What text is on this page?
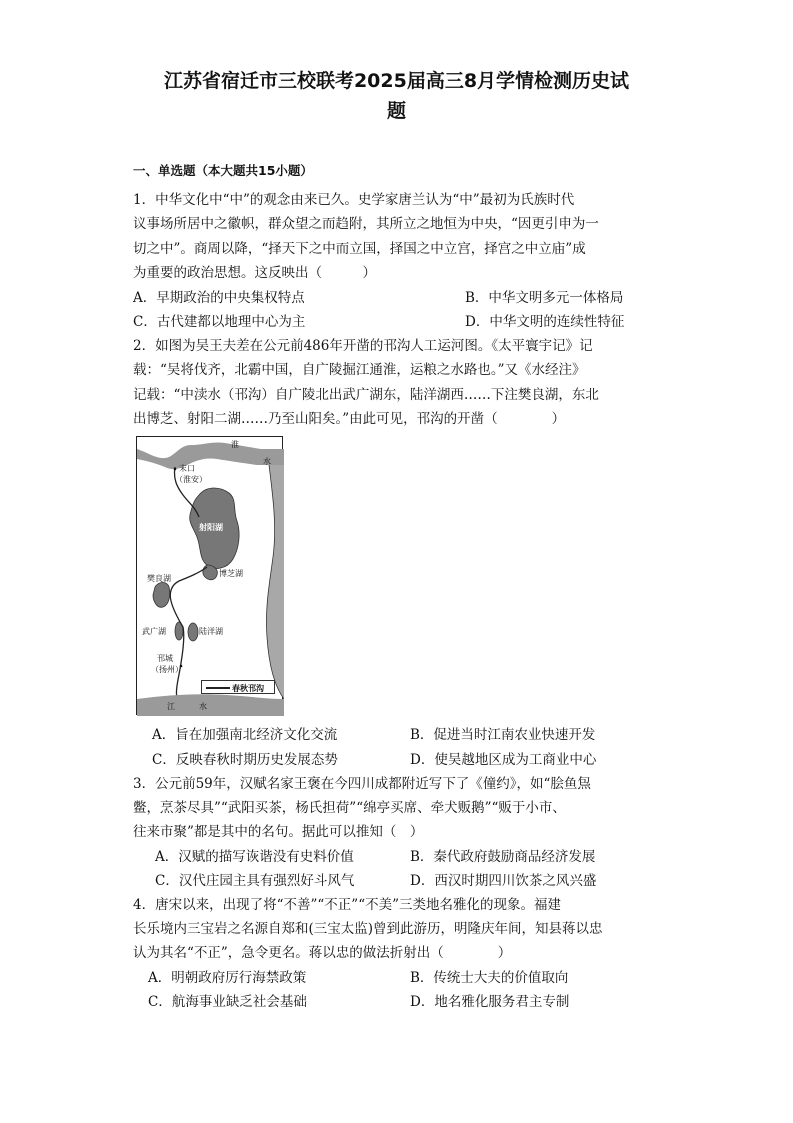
江苏省宿迁市三校联考2025届高三8月学情检测历史试
题
一、单选题（本大题共15小题）
1．中华文化中“中”的观念由来已久。史学家唐兰认为“中”最初为氏族时代
议事场所居中之徽帜，群众望之而趋附，其所立之地恒为中央，“因更引申为一
切之中”。商周以降，“择天下之中而立国，择国之中立宫，择宫之中立庙”成
为重要的政治思想。这反映出（　　　）
A．早期政治的中央集权特点	B．中华文明多元一体格局
C．古代建都以地理中心为主	D．中华文明的连续性特征
2．如图为吴王夫差在公元前486年开凿的邗沟人工运河图。《太平寰宇记》记
载：“吴将伐齐，北霸中国，自广陵掘江通淮，运粮之水路也。”又《水经注》
记载：“中渎水（邗沟）自广陵北出武广湖东，陆洋湖西……下注樊良湖，东北
出博芝、射阳二湖……乃至山阳矣。”由此可见，邗沟的开凿（　　　　）
淮
水
末口
（淮安）
射阳湖
樊良湖
博芝湖
武广湖	陆洋湖
邗城
（扬州）
春秋邗沟
江	水
A．旨在加强南北经济文化交流	B．促进当时江南农业快速开发
C．反映春秋时期历史发展态势	D．使吴越地区成为工商业中心
3．公元前59年，汉赋名家王褒在今四川成都附近写下了《僮约》，如“脍鱼炰
鳖，烹茶尽具”“武阳买茶，杨氏担荷”“绵亭买席、牵犬贩鹅”“贩于小市、
往来市聚”都是其中的名句。据此可以推知（　）
A．汉赋的描写诙谐没有史料价值	B．秦代政府鼓励商品经济发展
C．汉代庄园主具有强烈好斗风气	D．西汉时期四川饮茶之风兴盛
4．唐宋以来，出现了将“不善”“不正”“不美”三类地名雅化的现象。福建
长乐境内三宝岩之名源自郑和(三宝太监)曾到此游历，明隆庆年间，知县蒋以忠
认为其名“不正”，急令更名。蒋以忠的做法折射出（　　　　）
A．明朝政府厉行海禁政策	B．传统士大夫的价值取向
C．航海事业缺乏社会基础	D．地名雅化服务君主专制
